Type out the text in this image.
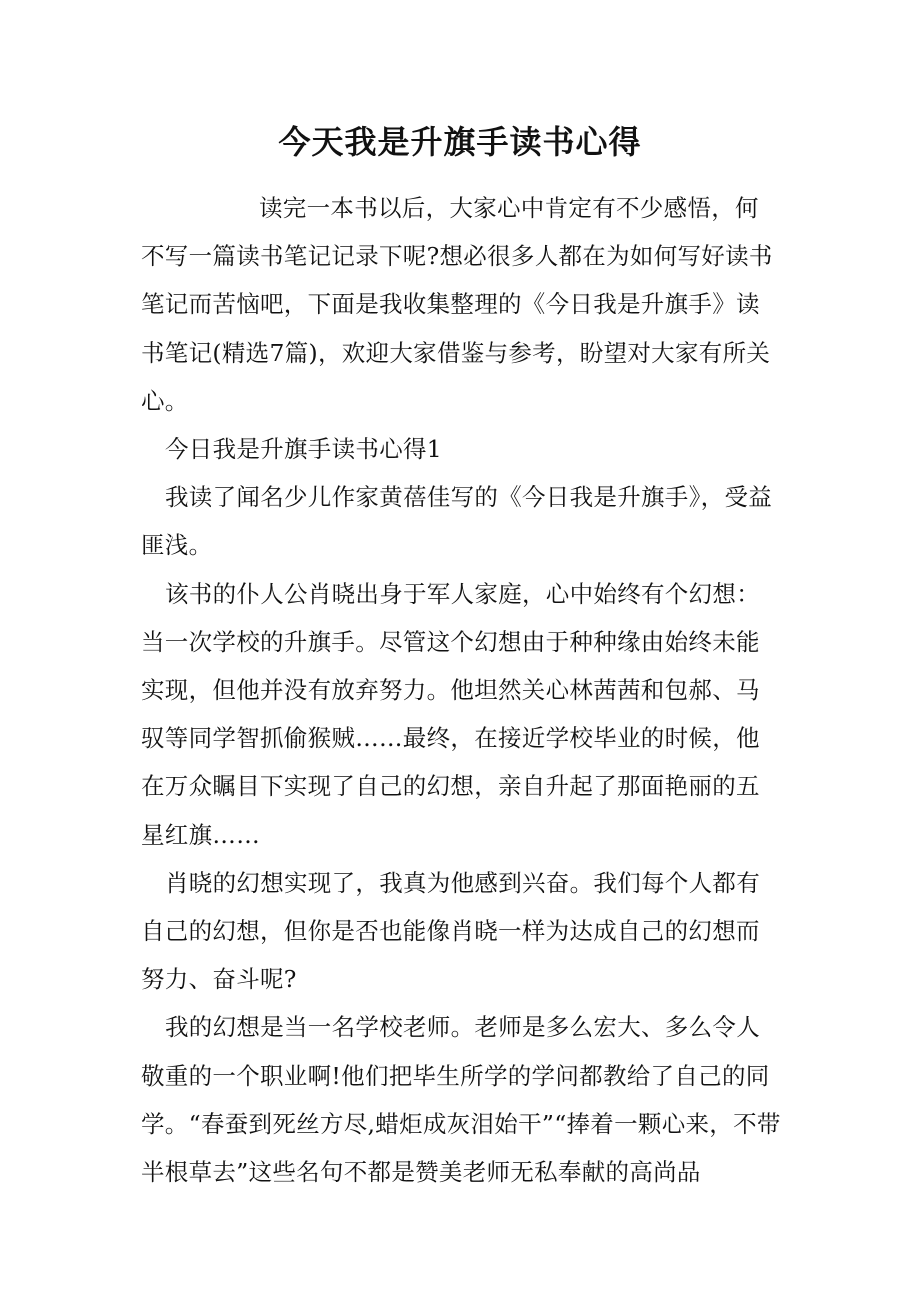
今天我是升旗手读书心得

读完一本书以后，大家心中肯定有不少感悟，何不写一篇读书笔记记录下呢?想必很多人都在为如何写好读书笔记而苦恼吧，下面是我收集整理的《今日我是升旗手》读书笔记(精选7篇)，欢迎大家借鉴与参考，盼望对大家有所关心。

今日我是升旗手读书心得1

我读了闻名少儿作家黄蓓佳写的《今日我是升旗手》，受益匪浅。

该书的仆人公肖晓出身于军人家庭，心中始终有个幻想：当一次学校的升旗手。尽管这个幻想由于种种缘由始终未能实现，但他并没有放弃努力。他坦然关心林茜茜和包郝、马驭等同学智抓偷猴贼……最终，在接近学校毕业的时候，他在万众瞩目下实现了自己的幻想，亲自升起了那面艳丽的五星红旗……

肖晓的幻想实现了，我真为他感到兴奋。我们每个人都有自己的幻想，但你是否也能像肖晓一样为达成自己的幻想而努力、奋斗呢?

我的幻想是当一名学校老师。老师是多么宏大、多么令人敬重的一个职业啊!他们把毕生所学的学问都教给了自己的同学。“春蚕到死丝方尽,蜡炬成灰泪始干”“捧着一颗心来，不带半根草去”这些名句不都是赞美老师无私奉献的高尚品
